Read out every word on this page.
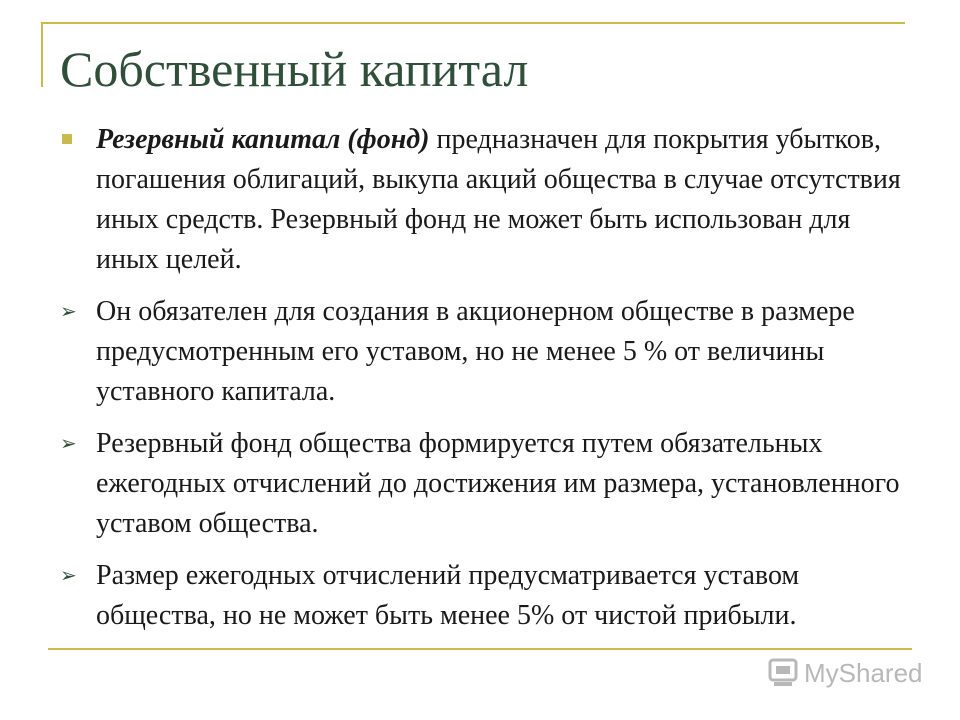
Собственный капитал
Резервный капитал (фонд) предназначен для покрытия убытков, погашения облигаций, выкупа акций общества в случае отсутствия иных средств. Резервный фонд не может быть использован для иных целей.
➢ Он обязателен для создания в акционерном обществе в размере предусмотренным его уставом, но не менее 5 % от величины уставного капитала.
➢ Резервный фонд общества формируется путем обязательных ежегодных отчислений до достижения им размера, установленного уставом общества.
➢ Размер ежегодных отчислений предусматривается уставом общества, но не может быть менее 5% от чистой прибыли.
MyShared
